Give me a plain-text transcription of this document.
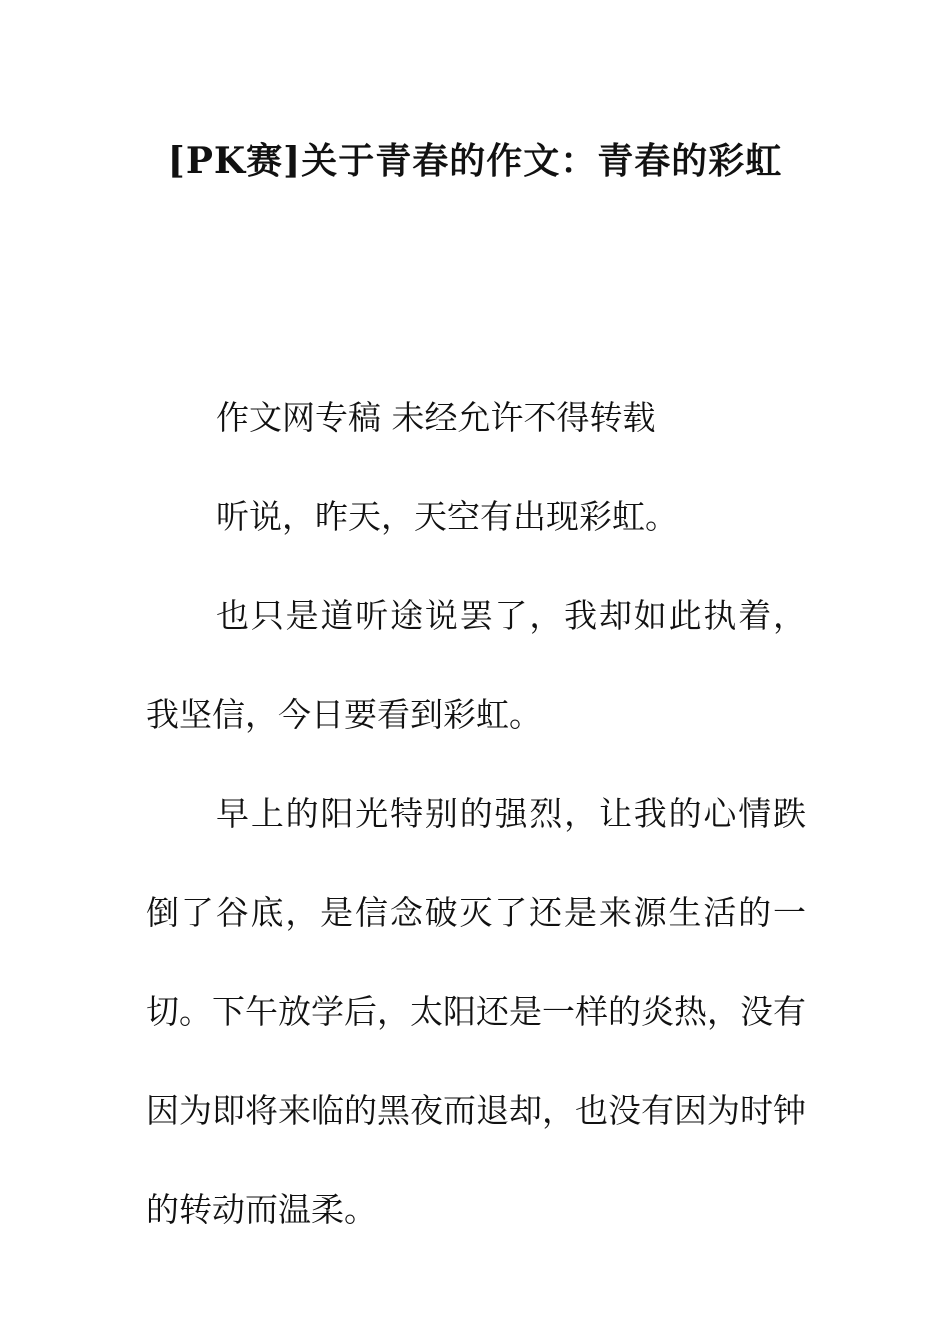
[PK赛]关于青春的作文：青春的彩虹

作文网专稿 未经允许不得转载

听说，昨天，天空有出现彩虹。

也只是道听途说罢了，我却如此执着，我坚信，今日要看到彩虹。

早上的阳光特别的强烈，让我的心情跌倒了谷底，是信念破灭了还是来源生活的一切。下午放学后，太阳还是一样的炎热，没有因为即将来临的黑夜而退却，也没有因为时钟的转动而温柔。
